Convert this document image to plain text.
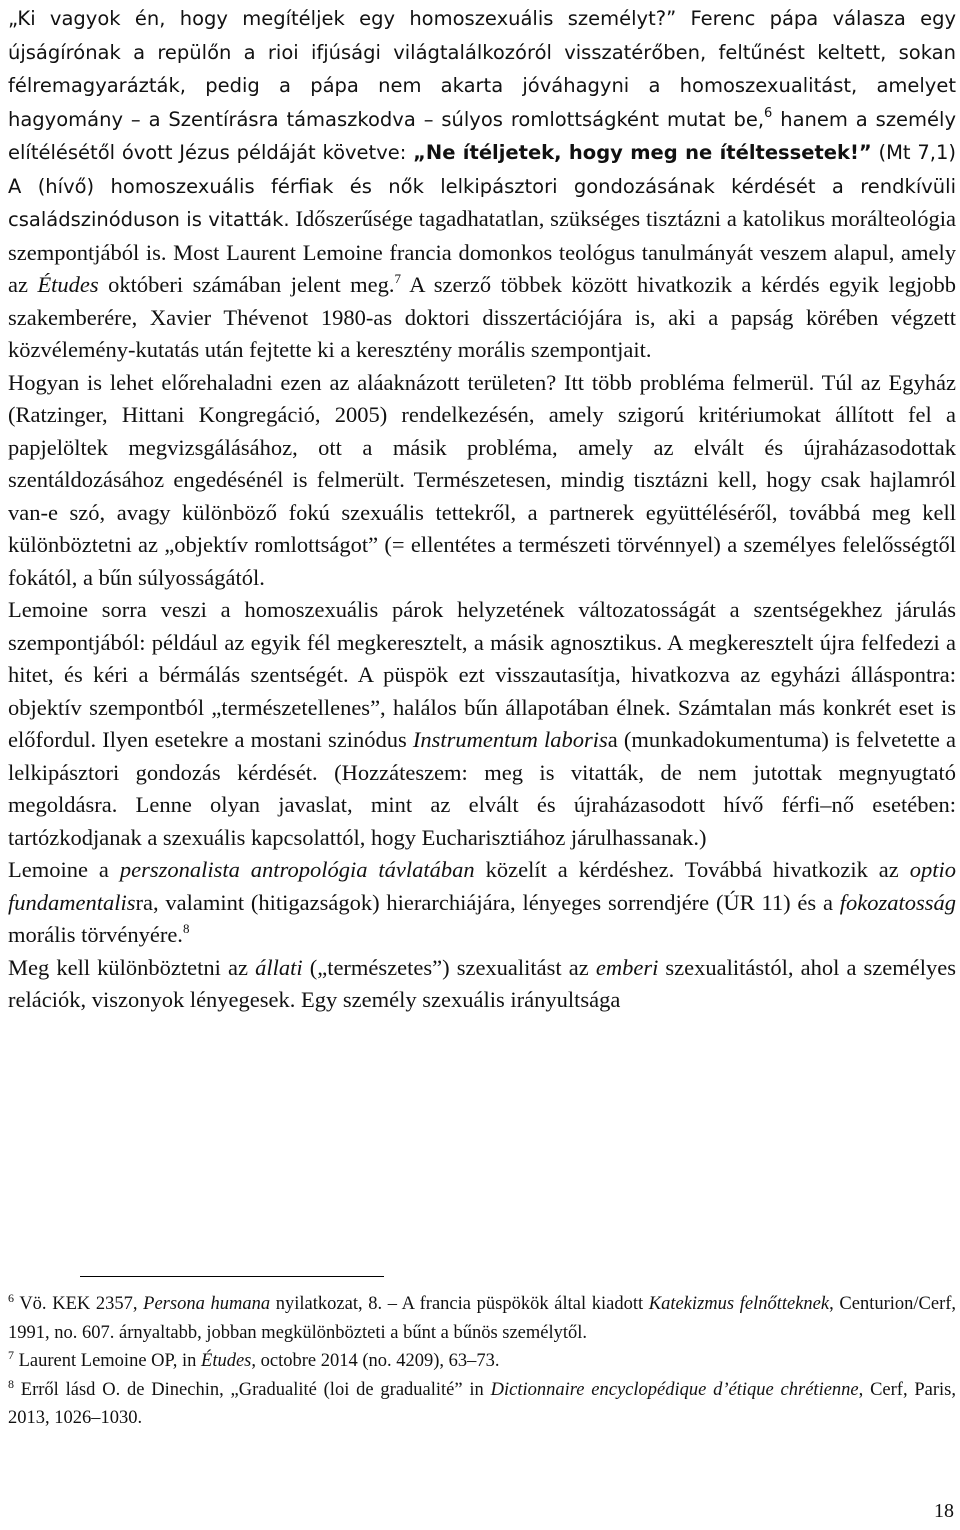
„Ki vagyok én, hogy megítéljek egy homoszexuális személyt?” Ferenc pápa válasza egy újságírónak a repülőn a rioi ifjúsági világtalálkozóról visszatérőben, feltűnést keltett, sokan félremagyarázták, pedig a pápa nem akarta jóváhagyni a homoszexualitást, amelyet hagyomány – a Szentírásra támaszkodva – súlyos romlottságként mutat be,$^6$ hanem a személy elítélésétől óvott Jézus példáját követve: „Ne ítéljetek, hogy meg ne ítéltessetek!” (Mt 7,1) A (hívő) homoszexuális férfiak és nők lelkipásztori gondozásának kérdését a rendkívüli családszinóduson is vitatták. Időszerűsége tagadhatatlan, szükséges tisztázni a katolikus morálteológia szempontjából is. Most Laurent Lemoine francia domonkos teológus tanulmányát veszem alapul, amely az Études októberi számában jelent meg.$^7$ A szerző többek között hivatkozik a kérdés egyik legjobb szakemberére, Xavier Thévenot 1980-as doktori disszertációjára is, aki a papság körében végzett közvélemény-kutatás után fejtette ki a keresztény morális szempontjait.

Hogyan is lehet előrehaladni ezen az aláaknázott területen? Itt több probléma felmerül. Túl az Egyház (Ratzinger, Hittani Kongregáció, 2005) rendelkezésén, amely szigorú kritériumokat állított fel a papjelöltek megvizsgálásához, ott a másik probléma, amely az elvált és újraházasodottak szentáldozásához engedésénél is felmerült. Természetesen, mindig tisztázni kell, hogy csak hajlamról van-e szó, avagy különböző fokú szexuális tettekről, a partnerek együttéléséről, továbbá meg kell különböztetni az „objektív romlottságot” (= ellentétes a természeti törvénnyel) a személyes felelősségtől fokától, a bűn súlyosságától.

Lemoine sorra veszi a homoszexuális párok helyzetének változatosságát a szentségekhez járulás szempontjából: például az egyik fél megkeresztelt, a másik agnosztikus. A megkeresztelt újra felfedezi a hitet, és kéri a bérmálás szentségét. A püspök ezt visszautasítja, hivatkozva az egyházi álláspontra: objektív szempontból „természetellenes”, halálos bűn állapotában élnek. Számtalan más konkrét eset is előfordul. Ilyen esetekre a mostani szinódus Instrumentum laborisa (munkadokumentuma) is felvetette a lelkipásztori gondozás kérdését. (Hozzáteszem: meg is vitatták, de nem jutottak megnyugtató megoldásra. Lenne olyan javaslat, mint az elvált és újraházasodott hívő férfi–nő esetében: tartózkodjanak a szexuális kapcsolattól, hogy Eucharisztiához járulhassanak.)

Lemoine a perszonalista antropológia távlatában közelít a kérdéshez. Továbbá hivatkozik az optio fundamentalisra, valamint (hitigazságok) hierarchiájára, lényeges sorrendjére (ÚR 11) és a fokozatosság morális törvényére.$^8$

Meg kell különböztetni az állati („természetes”) szexualitást az emberi szexualitástól, ahol a személyes relációk, viszonyok lényegesek. Egy személy szexuális irányultsága

$^6$ Vö. KEK 2357, Persona humana nyilatkozat, 8. – A francia püspökök által kiadott Katekizmus felnőtteknek, Centurion/Cerf, 1991, no. 607. árnyaltabb, jobban megkülönbözteti a bűnt a bűnös személytől.

$^7$ Laurent Lemoine OP, in Études, octobre 2014 (no. 4209), 63–73.

$^8$ Erről lásd O. de Dinechin, „Gradualité (loi de gradualité” in Dictionnaire encyclopédique d’étique chrétienne, Cerf, Paris, 2013, 1026–1030.

18
